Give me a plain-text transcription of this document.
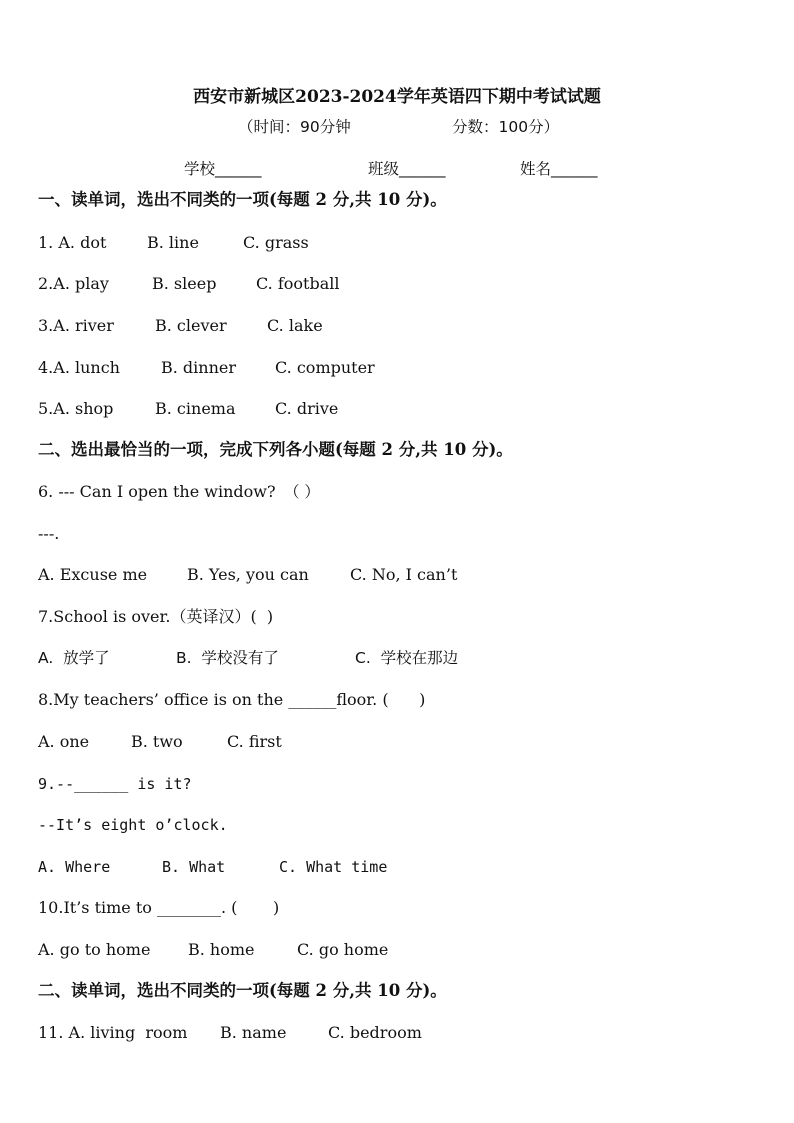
西安市新城区2023-2024学年英语四下期中考试试题
（时间：90分钟	分数：100分）
学校______	班级______	姓名______
一、读单词，选出不同类的一项(每题 2 分,共 10 分)。
1. A. dot	B. line	C. grass
2.A. play	B. sleep C. football
3.A. river	B. clever	C. lake
4.A. lunch	B. dinner C. computer
5.A. shop	B. cinema C. drive
二、选出最恰当的一项，完成下列各小题(每题 2 分,共 10 分)。
6. --- Can I open the window? （ ）
---.
A. Excuse me B. Yes, you can	C. No, I can’t
7.School is over.（英译汉）(  )
A.  放学了	B.  学校没有了	C.  学校在那边
8.My teachers’ office is on the ______floor. (      )
A. one	B. two	C. first
9.--______ is it?
--It’s eight o’clock.
A. Where	B. What	C. What time
10.It’s time to ________. (       )
A. go to home B. home	C. go home
二、读单词，选出不同类的一项(每题 2 分,共 10 分)。
11. A. living  room B. name	C. bedroom
